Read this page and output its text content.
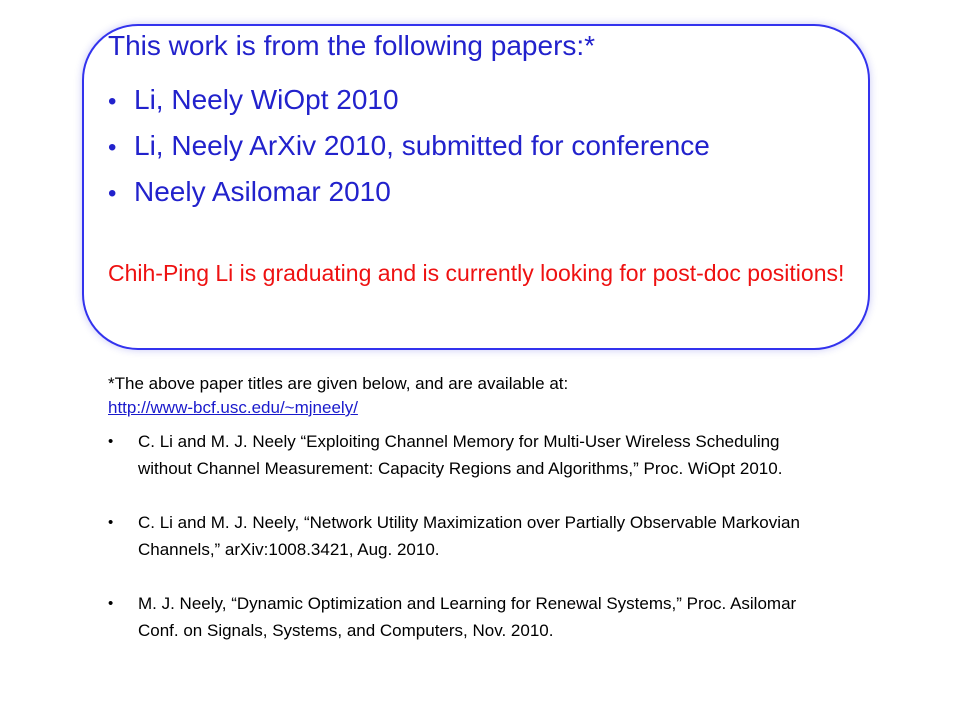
This work is from the following papers:*
• Li, Neely WiOpt 2010
• Li, Neely ArXiv 2010, submitted for conference
• Neely Asilomar 2010

Chih-Ping Li is graduating and is currently looking for post-doc positions!

*The above paper titles are given below, and are available at:
http://www-bcf.usc.edu/~mjneely/

• C. Li and M. J. Neely “Exploiting Channel Memory for Multi-User Wireless Scheduling without Channel Measurement: Capacity Regions and Algorithms,” Proc. WiOpt 2010.
• C. Li and M. J. Neely, “Network Utility Maximization over Partially Observable Markovian Channels,” arXiv:1008.3421, Aug. 2010.
• M. J. Neely, “Dynamic Optimization and Learning for Renewal Systems,” Proc. Asilomar Conf. on Signals, Systems, and Computers, Nov. 2010.
